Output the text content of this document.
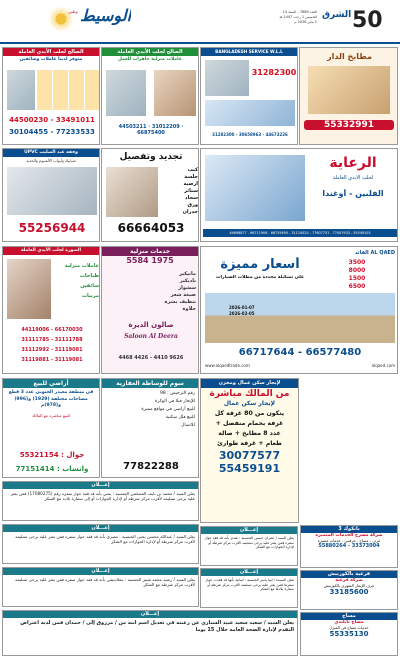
50
الشرق
العدد 7689 - السنة 14
الخميس 1 رجب 1447 هـ
1 يناير 2026 م
الوسيط
وطني
الصالح لجلب الأيدي العاملة
متوفر لدينا عاملات وسائقين
44500230 - 33491011
30104455 - 77233533
الصالح لجلب الأيدي العاملة
عاملات منزلية جاهزات للعمل
44503211 · 31012209 · 66875400
BANGLADESH SERVICE W.L.L
31282300
31282300 - 30658963 - 44673226
مطابخ الدار
55332991
UPVC وفقه عبد الصليب
شبابيك وأبواب الألمنيوم والحديد
55256944
تجديد وتفصيل
كنب
جلسة
ارضية
ستائر
سجاد
ورق
جدران
66664053
الرعاية
لجلب الأيدي العاملة
الفلبين - أوغندا
44698877 - 66711906 - 66755490 - 31110020 - 77607751 - 77007933 - 55549103
الصورة لجلب الأيدي العاملة
عاملات منزلية
طباخات
سائقين
مربيات
44119006 - 66170030
31111785 - 31111788
31112992 - 31119081
31119881 - 31119081
خدمات منزلية
5584 1975
مانيكير
باديكير
سشوار
صبغة شعر
تنظيف بشرة
حلاوة
صالون الديرة
Saloon Al Deera
4468 4426 - 4410 9626
القائد AL QAED
أسعار مميزة
على تشكيلة محددة من مظلات السيارات
3500
8000
1500
6500
2026-01-07
2026-02-05
66717644 - 66577480
www.alqaedtrade.com	alqaed.com
أراضي للبيع
في منطقة معيذر الجنوبي عدد 3 قطع مساحات مختلفة (1929) و(996) و(978)م
للبيع مباشرة مع المالك
جوال : 55321154
واتساب : 77151414
سوم للوساطة العقارية
رقم الترخيص : 98
للإيجار فيلا في الوكرة
للبيع أراضي في مواقع مميزة
للبيع فلل سكنية
للاتصال
77822288
بانكوك 3
شركة مسرح الخدمات المتميزة
غرف - مساج - غرفتين - خدمات متميزة
55880264 - 33373004
قرعية بالكورنيش
شركة قرعية
غرف للإيجار الشهري بالكورنيش
33185600
مساج
مساج تايلندي
خدمات مساج في المنزل
55335130
لإيجار سكن عمال ومخزن
من المالك مباشرة
لإيجار سكن عمال
يتكون من 80 غرفة كل
غرفة بحمام منفصل +
عدد 8 مطابخ + صالة
طعام + غرفة طوارئ
30077577
55459191
إعـــلان
يعلن السيد / محمد بن نايف المسلمي الجنسية : يمني بأنه قد فقد جواز سفره رقم (17080275) فمن يعثر عليه يرجى تسليمه لأقرب مركز شرطة أو لإدارة الجوازات أو إلى سفارة بلاده مع الشكر
إعـــلان
يعلن السيد / عبدالله محسن يحيى الجنسية : مصري بأنه قد فقد جواز سفره فمن يعثر عليه يرجى تسليمه لأقرب مركز شرطة أو لإدارة الجوازات مع الشكر
إعـــلان
يعلن السيد / رشيد محمد شبير الجنسية : بنغلاديشي بأنه قد فقد جواز سفره فمن يعثر عليه يرجى تسليمه لأقرب مركز شرطة مع الشكر
إعـــلان
يعلن السيد / سعيد سعيد عبيد السناري عن رغبته في تعديل اسم ابنه من / مرزوق إلى / حمدان فمن لديه اعتراض التقدم لإدارة الصحة العامة خلال 15 يوما
إعـــلان
يعلن السيد / عمران حسين الجنسية : هندي بأنه قد فقد جواز سفره فمن يعثر عليه يرجى تسليمه لأقرب مركز شرطة أو لإدارة الجوازات مع الشكر
إعـــلان
تعلن السيدة / لينا ياسر الجنسية : لبنانية بأنها قد فقدت جواز سفرها فمن يعثر عليه يرجى تسليمه لأقرب مركز شرطة أو سفارة بلادها مع الشكر
